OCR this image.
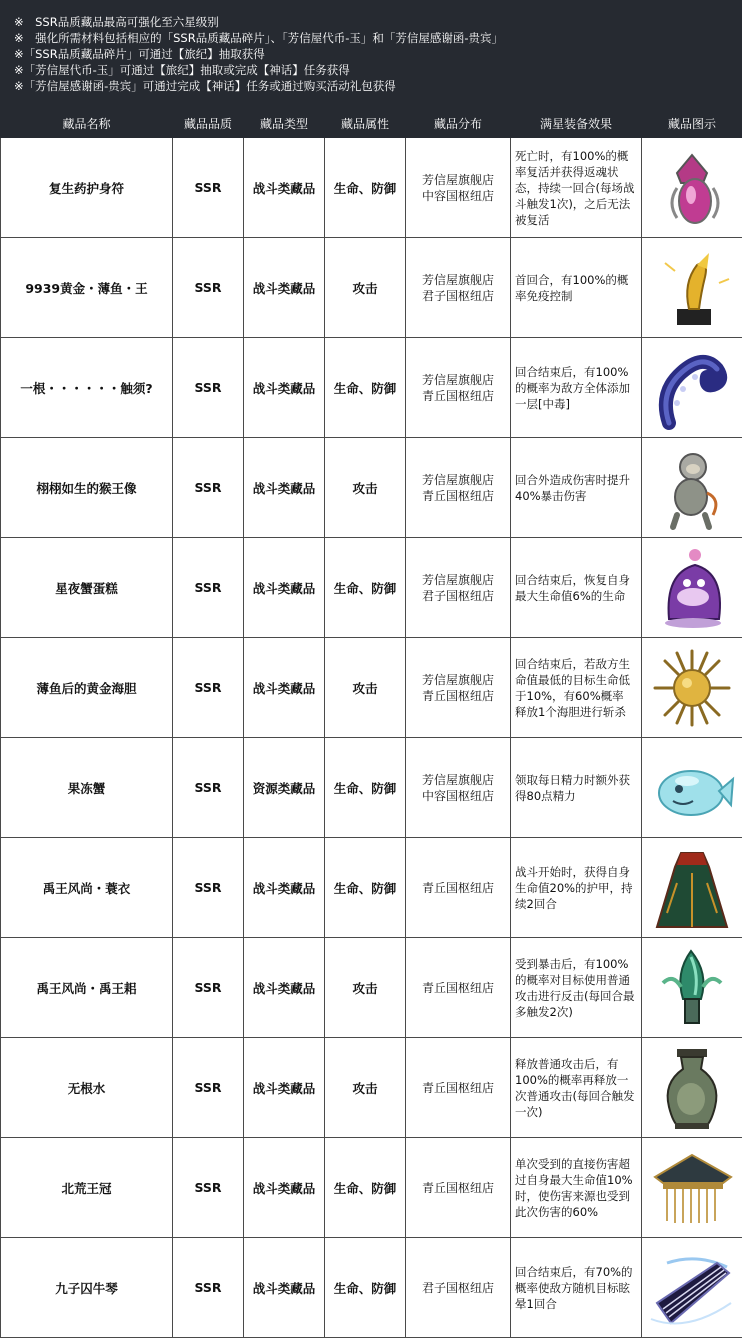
※　SSR品质藏品最高可强化至六星级别
※　强化所需材料包括相应的「SSR品质藏品碎片」、「芳信屋代币-玉」和「芳信屋感谢函-贵宾」
※「SSR品质藏品碎片」可通过【旅纪】抽取获得
※「芳信屋代币-玉」可通过【旅纪】抽取或完成【神话】任务获得
※「芳信屋感谢函-贵宾」可通过完成【神话】任务或通过购买活动礼包获得
藏品名称	藏品品质	藏品类型	藏品属性	藏品分布	满星装备效果	藏品图示
复生药护身符	SSR	战斗类藏品	生命、防御	芳信屋旗舰店
中容国枢纽店	死亡时，有100%的概率复活并获得返魂状态，持续一回合(每场战斗触发1次)，之后无法被复活	

9939黄金・薄鱼・王	SSR	战斗类藏品	攻击	芳信屋旗舰店
君子国枢纽店	首回合，有100%的概率免疫控制	

一根・・・・・・触须?	SSR	战斗类藏品	生命、防御	芳信屋旗舰店
青丘国枢纽店	回合结束后，有100%的概率为敌方全体添加一层[中毒]	

栩栩如生的猴王像	SSR	战斗类藏品	攻击	芳信屋旗舰店
青丘国枢纽店	回合外造成伤害时提升40%暴击伤害	

星夜蟹蛋糕	SSR	战斗类藏品	生命、防御	芳信屋旗舰店
君子国枢纽店	回合结束后，恢复自身最大生命值6%的生命	

薄鱼后的黄金海胆	SSR	战斗类藏品	攻击	芳信屋旗舰店
青丘国枢纽店	回合结束后，若敌方生命值最低的目标生命低于10%，有60%概率释放1个海胆进行斩杀	

果冻蟹	SSR	资源类藏品	生命、防御	芳信屋旗舰店
中容国枢纽店	领取每日精力时额外获得80点精力	

禹王风尚・蓑衣	SSR	战斗类藏品	生命、防御	青丘国枢纽店	战斗开始时，获得自身生命值20%的护甲，持续2回合	

禹王风尚・禹王耜	SSR	战斗类藏品	攻击	青丘国枢纽店	受到暴击后，有100%的概率对目标使用普通攻击进行反击(每回合最多触发2次)	

无根水	SSR	战斗类藏品	攻击	青丘国枢纽店	释放普通攻击后，有100%的概率再释放一次普通攻击(每回合触发一次)	

北荒王冠	SSR	战斗类藏品	生命、防御	青丘国枢纽店	单次受到的直接伤害超过自身最大生命值10%时，使伤害来源也受到此次伤害的60%	

九子囚牛琴	SSR	战斗类藏品	生命、防御	君子国枢纽店	回合结束后，有70%的概率使敌方随机目标眩晕1回合	
